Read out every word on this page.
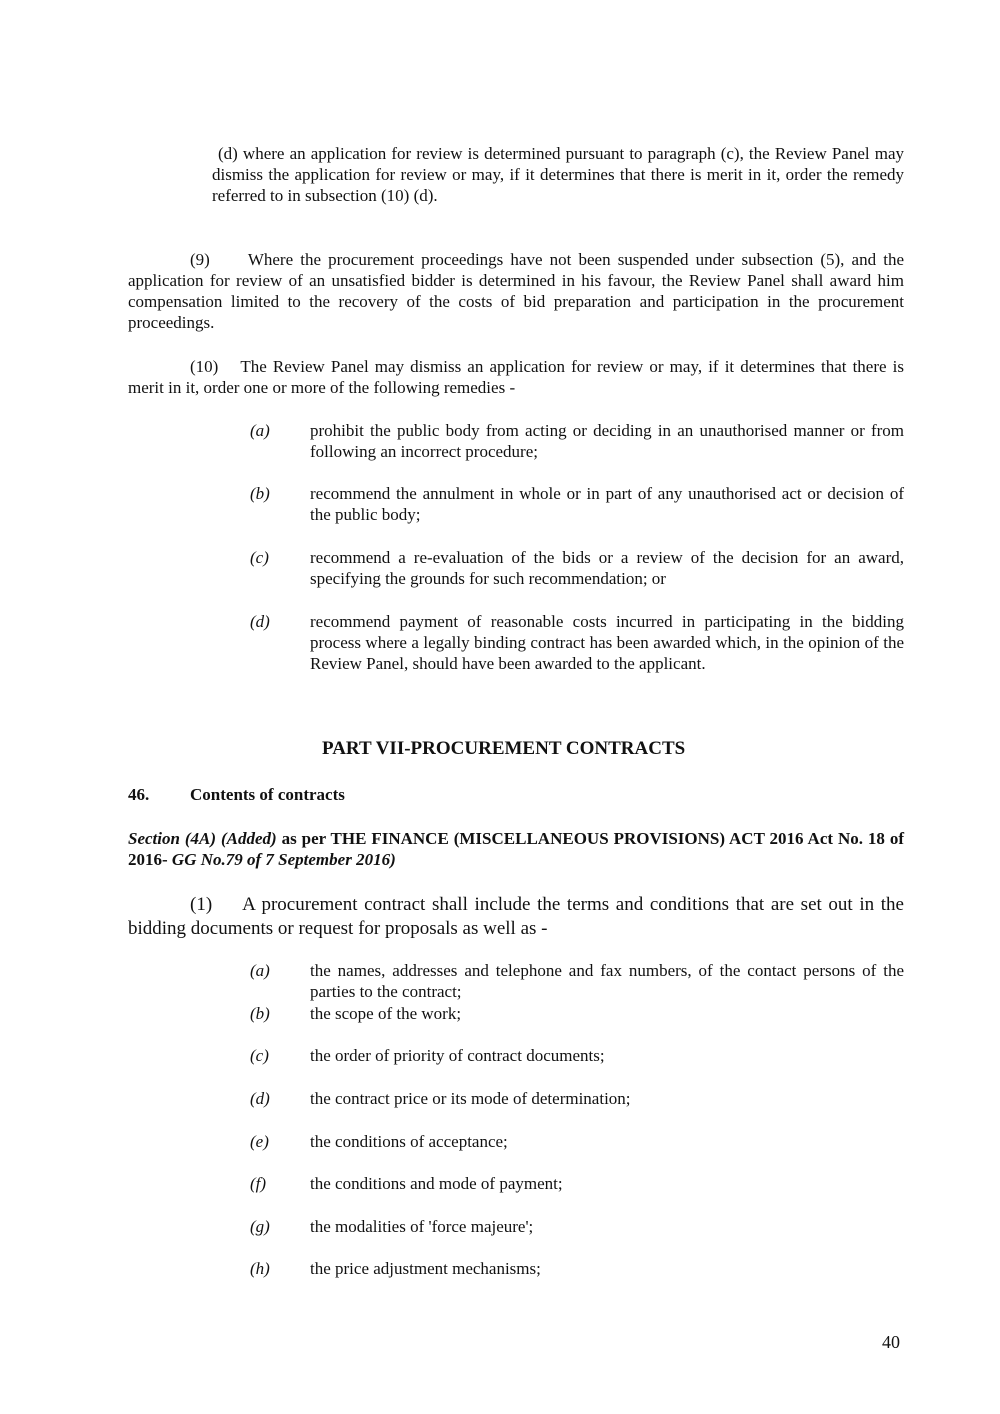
(d) where an application for review is determined pursuant to paragraph (c), the Review Panel may dismiss the application for review or may, if it determines that there is merit in it, order the remedy referred to in subsection (10) (d).
(9) Where the procurement proceedings have not been suspended under subsection (5), and the application for review of an unsatisfied bidder is determined in his favour, the Review Panel shall award him compensation limited to the recovery of the costs of bid preparation and participation in the procurement proceedings.
(10) The Review Panel may dismiss an application for review or may, if it determines that there is merit in it, order one or more of the following remedies -
(a) prohibit the public body from acting or deciding in an unauthorised manner or from following an incorrect procedure;
(b) recommend the annulment in whole or in part of any unauthorised act or decision of the public body;
(c) recommend a re-evaluation of the bids or a review of the decision for an award, specifying the grounds for such recommendation; or
(d) recommend payment of reasonable costs incurred in participating in the bidding process where a legally binding contract has been awarded which, in the opinion of the Review Panel, should have been awarded to the applicant.
PART VII-PROCUREMENT CONTRACTS
46. Contents of contracts
Section (4A) (Added) as per THE FINANCE (MISCELLANEOUS PROVISIONS) ACT 2016 Act No. 18 of 2016- GG No.79 of 7 September 2016)
(1) A procurement contract shall include the terms and conditions that are set out in the bidding documents or request for proposals as well as -
(a) the names, addresses and telephone and fax numbers, of the contact persons of the parties to the contract;
(b) the scope of the work;
(c) the order of priority of contract documents;
(d) the contract price or its mode of determination;
(e) the conditions of acceptance;
(f)	the conditions and mode of payment;
(g) the modalities of 'force majeure';
(h) the price adjustment mechanisms;
40
